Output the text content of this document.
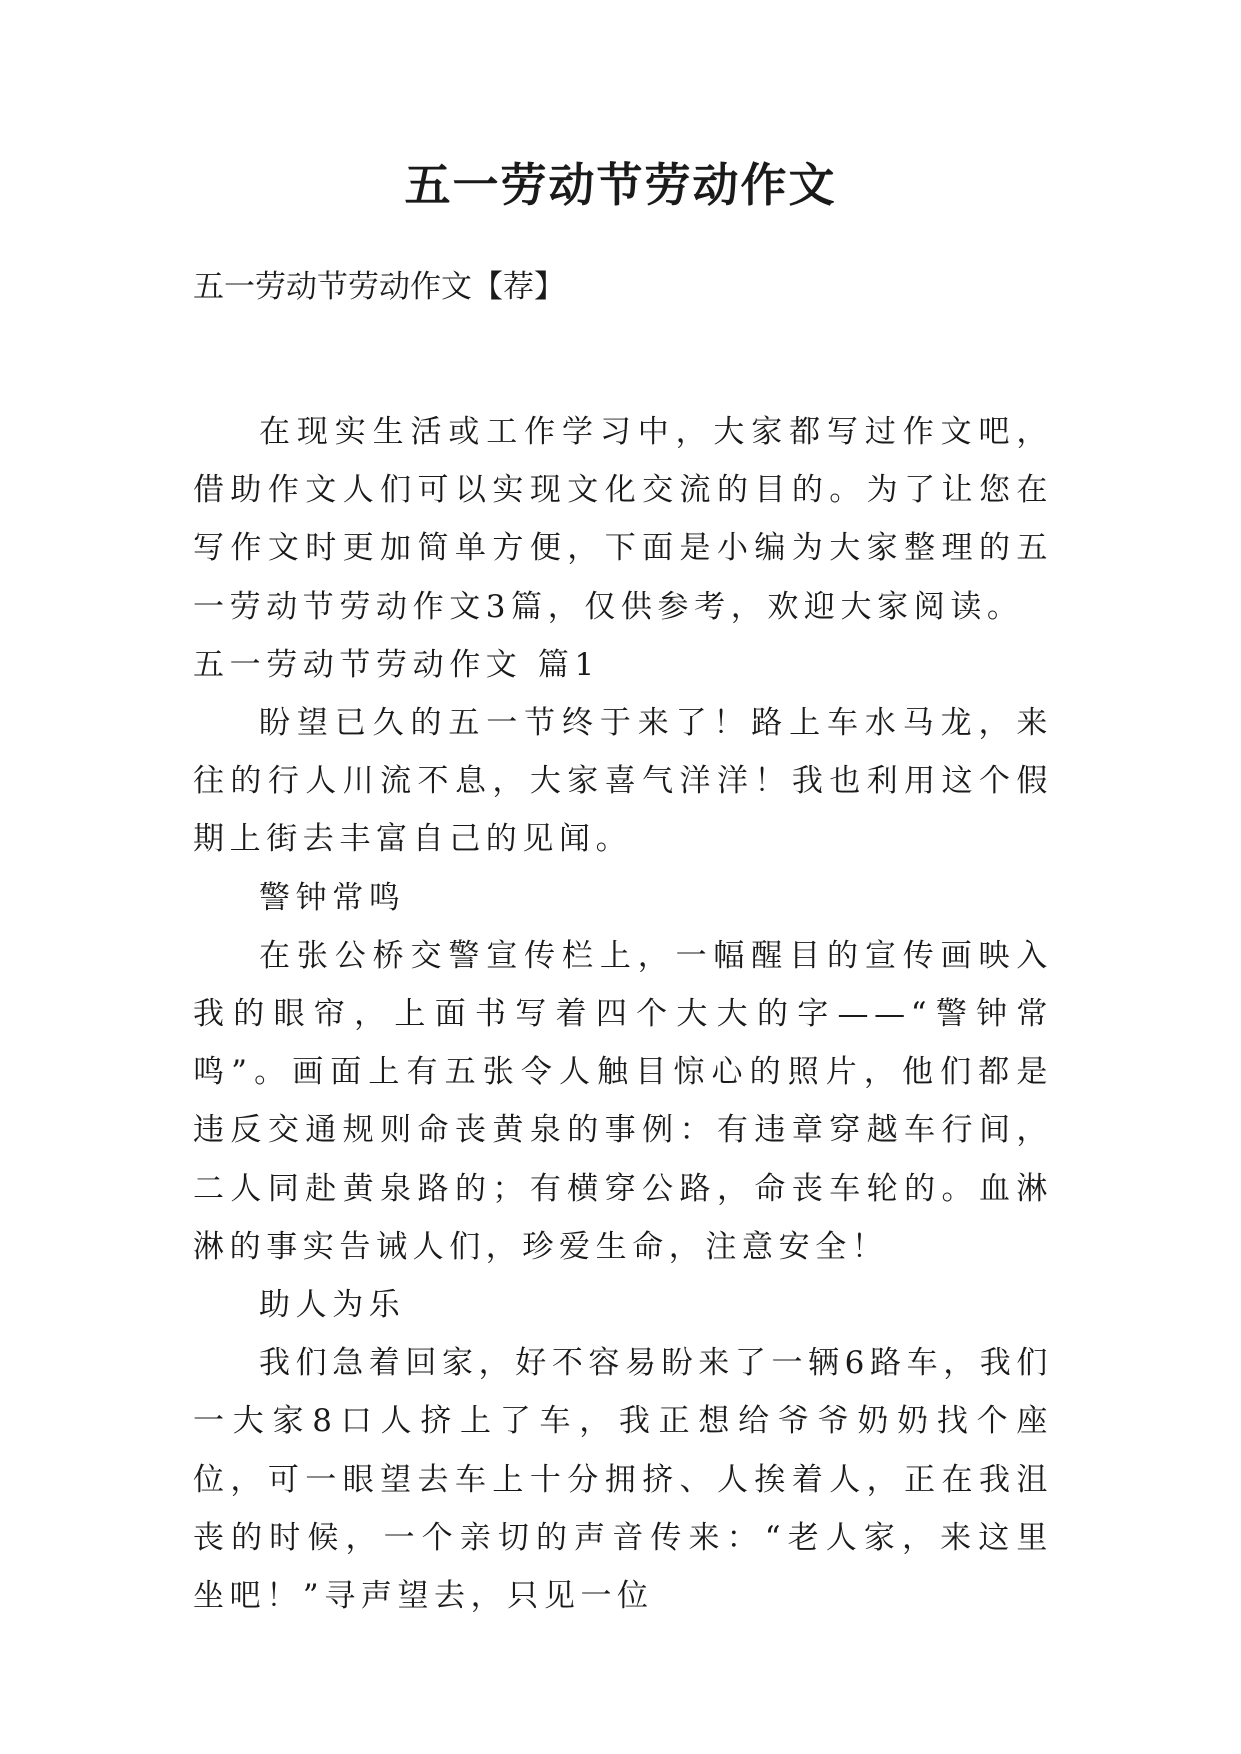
五一劳动节劳动作文
五一劳动节劳动作文【荐】

在现实生活或工作学习中，大家都写过作文吧，借助作文人们可以实现文化交流的目的。为了让您在写作文时更加简单方便，下面是小编为大家整理的五一劳动节劳动作文3篇，仅供参考，欢迎大家阅读。

五一劳动节劳动作文 篇1

盼望已久的五一节终于来了！路上车水马龙，来往的行人川流不息，大家喜气洋洋！我也利用这个假期上街去丰富自己的见闻。

警钟常鸣

在张公桥交警宣传栏上，一幅醒目的宣传画映入我的眼帘，上面书写着四个大大的字——“警钟常鸣”。画面上有五张令人触目惊心的照片，他们都是违反交通规则命丧黄泉的事例：有违章穿越车行间，二人同赴黄泉路的；有横穿公路，命丧车轮的。血淋淋的事实告诫人们，珍爱生命，注意安全！

助人为乐

我们急着回家，好不容易盼来了一辆6路车，我们一大家8口人挤上了车，我正想给爷爷奶奶找个座位，可一眼望去车上十分拥挤、人挨着人，正在我沮丧的时候，一个亲切的声音传来：“老人家，来这里坐吧！”寻声望去，只见一位
